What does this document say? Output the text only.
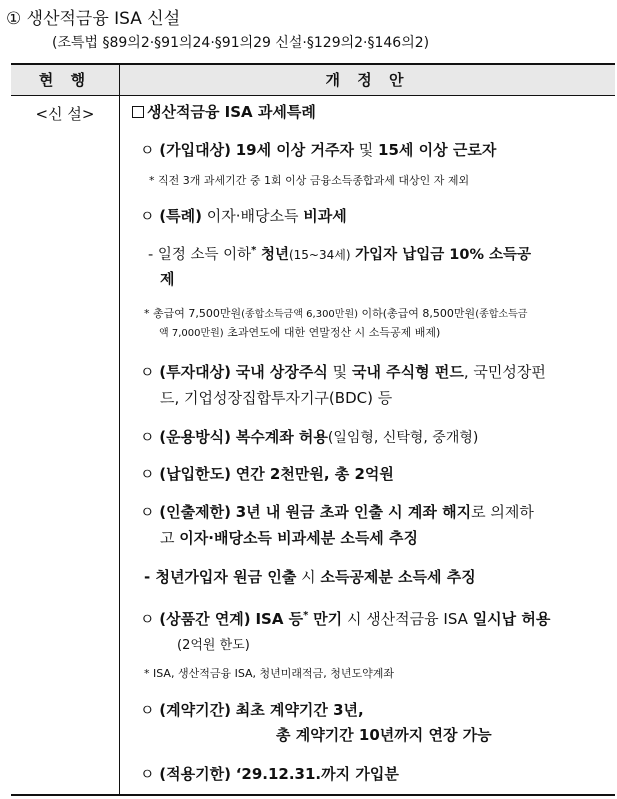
① 생산적금융 ISA 신설
(조특법 §89의2·§91의24·§91의29 신설·§129의2·§146의2)
현 행	개 정 안
<신 설>	생산적금융 ISA 과세특례
ㅇ (가입대상) 19세 이상 거주자 및 15세 이상 근로자
* 직전 3개 과세기간 중 1회 이상 금융소득종합과세 대상인 자 제외
ㅇ (특례) 이자·배당소득 비과세
- 일정 소득 이하* 청년(15~34세) 가입자 납입금 10% 소득공
제
* 총급여 7,500만원(종합소득금액 6,300만원) 이하(총급여 8,500만원(종합소득금
액 7,000만원) 초과연도에 대한 연말정산 시 소득공제 배제)
ㅇ (투자대상) 국내 상장주식 및 국내 주식형 펀드, 국민성장펀
드, 기업성장집합투자기구(BDC) 등
ㅇ (운용방식) 복수계좌 허용(일임형, 신탁형, 중개형)
ㅇ (납입한도) 연간 2천만원, 총 2억원
ㅇ (인출제한) 3년 내 원금 초과 인출 시 계좌 해지로 의제하
고 이자·배당소득 비과세분 소득세 추징
- 청년가입자 원금 인출 시 소득공제분 소득세 추징
ㅇ (상품간 연계) ISA 등* 만기 시 생산적금융 ISA 일시납 허용
(2억원 한도)
* ISA, 생산적금융 ISA, 청년미래적금, 청년도약계좌
ㅇ (계약기간) 최초 계약기간 3년,
총 계약기간 10년까지 연장 가능
ㅇ (적용기한) ‘29.12.31.까지 가입분
